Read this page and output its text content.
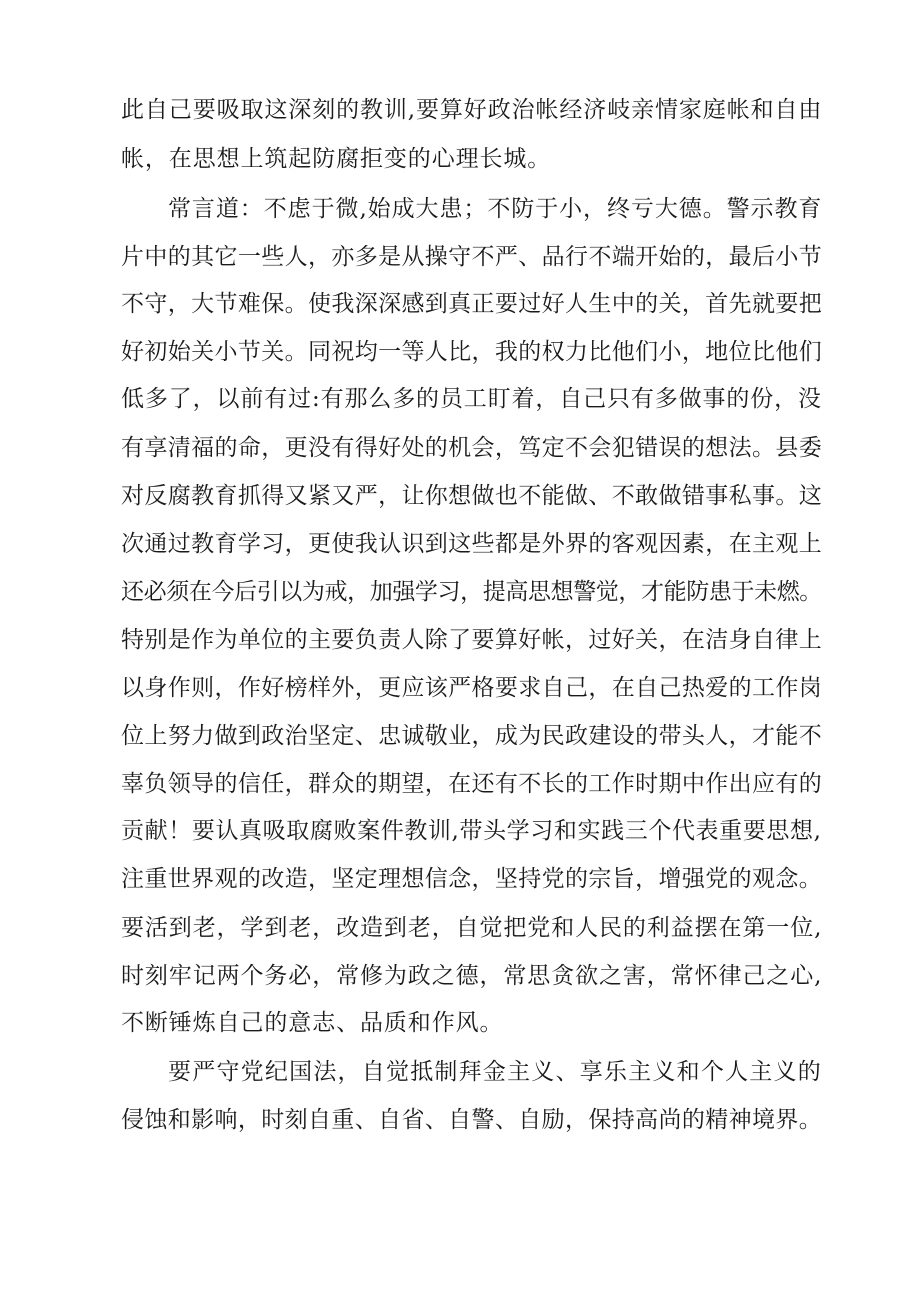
此自己要吸取这深刻的教训,要算好政治帐经济岐亲情家庭帐和自由
帐，在思想上筑起防腐拒变的心理长城。
常言道：不虑于微,始成大患；不防于小，终亏大德。警示教育
片中的其它一些人，亦多是从操守不严、品行不端开始的，最后小节
不守，大节难保。使我深深感到真正要过好人生中的关，首先就要把
好初始关小节关。同祝均一等人比，我的权力比他们小，地位比他们
低多了，以前有过:有那么多的员工盯着，自己只有多做事的份，没
有享清福的命，更没有得好处的机会，笃定不会犯错误的想法。县委
对反腐教育抓得又紧又严，让你想做也不能做、不敢做错事私事。这
次通过教育学习，更使我认识到这些都是外界的客观因素，在主观上
还必须在今后引以为戒，加强学习，提高思想警觉，才能防患于未燃。
特别是作为单位的主要负责人除了要算好帐，过好关，在洁身自律上
以身作则，作好榜样外，更应该严格要求自己，在自己热爱的工作岗
位上努力做到政治坚定、忠诚敬业，成为民政建设的带头人，才能不
辜负领导的信任，群众的期望，在还有不长的工作时期中作出应有的
贡献！要认真吸取腐败案件教训,带头学习和实践三个代表重要思想,
注重世界观的改造，坚定理想信念，坚持党的宗旨，增强党的观念。
要活到老，学到老，改造到老，自觉把党和人民的利益摆在第一位,
时刻牢记两个务必，常修为政之德，常思贪欲之害，常怀律己之心,
不断锤炼自己的意志、品质和作风。
要严守党纪国法，自觉抵制拜金主义、享乐主义和个人主义的
侵蚀和影响，时刻自重、自省、自警、自励，保持高尚的精神境界。
